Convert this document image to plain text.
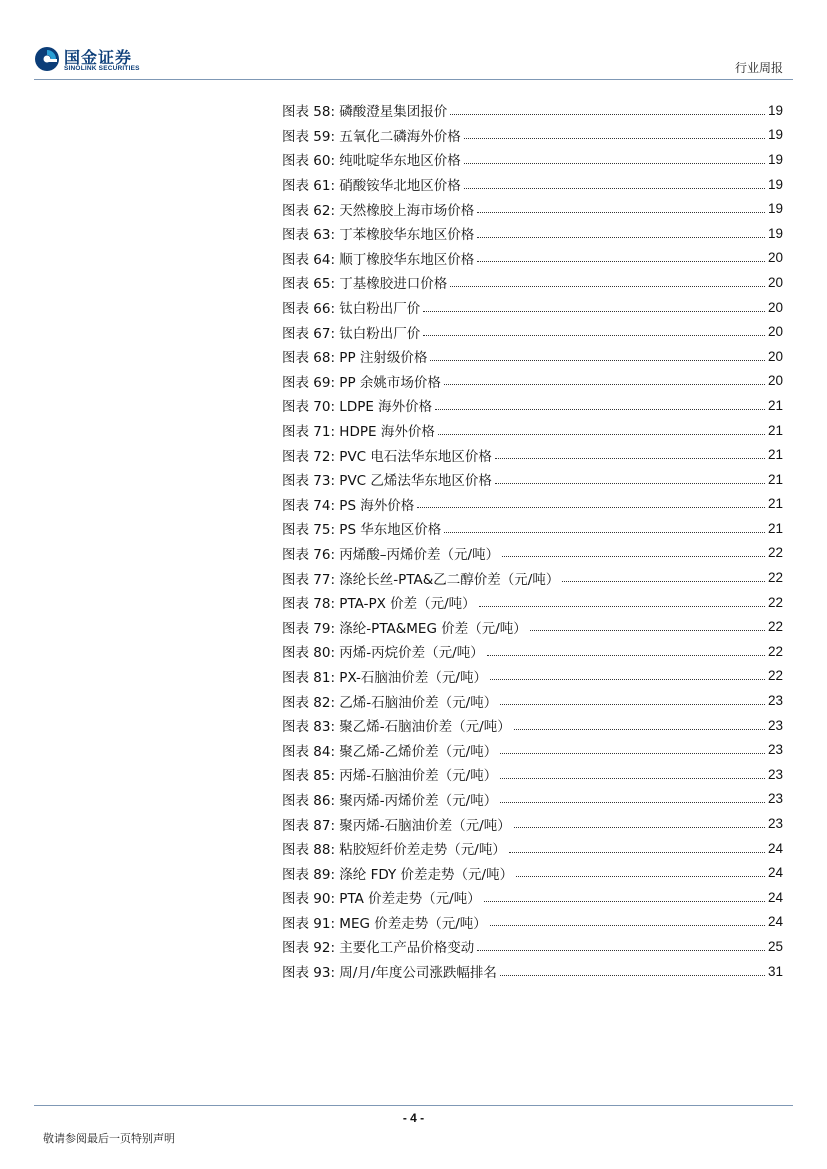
国金证券
SINOLINK SECURITIES	行业周报
图表 58: 磷酸澄星集团报价	19
图表 59: 五氧化二磷海外价格	19
图表 60: 纯吡啶华东地区价格	19
图表 61: 硝酸铵华北地区价格	19
图表 62: 天然橡胶上海市场价格	19
图表 63: 丁苯橡胶华东地区价格	19
图表 64: 顺丁橡胶华东地区价格	20
图表 65: 丁基橡胶进口价格	20
图表 66: 钛白粉出厂价	20
图表 67: 钛白粉出厂价	20
图表 68: PP 注射级价格	20
图表 69: PP 余姚市场价格	20
图表 70: LDPE 海外价格	21
图表 71: HDPE 海外价格	21
图表 72: PVC 电石法华东地区价格	21
图表 73: PVC 乙烯法华东地区价格	21
图表 74: PS 海外价格	21
图表 75: PS 华东地区价格	21
图表 76: 丙烯酸–丙烯价差（元/吨）	22
图表 77: 涤纶长丝-PTA&乙二醇价差（元/吨）	22
图表 78: PTA-PX 价差（元/吨）	22
图表 79: 涤纶-PTA&MEG 价差（元/吨）	22
图表 80: 丙烯-丙烷价差（元/吨）	22
图表 81: PX-石脑油价差（元/吨）	22
图表 82: 乙烯-石脑油价差（元/吨）	23
图表 83: 聚乙烯-石脑油价差（元/吨）	23
图表 84: 聚乙烯-乙烯价差（元/吨）	23
图表 85: 丙烯-石脑油价差（元/吨）	23
图表 86: 聚丙烯-丙烯价差（元/吨）	23
图表 87: 聚丙烯-石脑油价差（元/吨）	23
图表 88: 粘胶短纤价差走势（元/吨）	24
图表 89: 涤纶 FDY 价差走势（元/吨）	24
图表 90: PTA 价差走势（元/吨）	24
图表 91: MEG 价差走势（元/吨）	24
图表 92: 主要化工产品价格变动	25
图表 93: 周/月/年度公司涨跌幅排名	31
- 4 -
敬请参阅最后一页特别声明
